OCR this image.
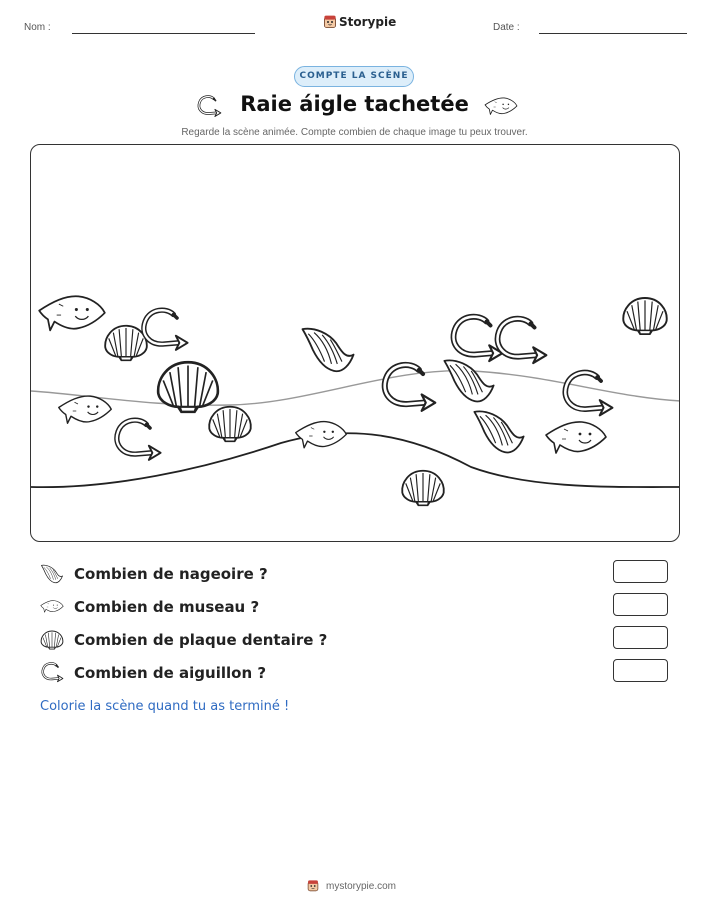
Nom :	Storypie	Date :
COMPTE LA SCÈNE
Raie áigle tachetée
Regarde la scène animée. Compte combien de chaque image tu peux trouver.
Combien de nageoire ?
Combien de museau ?
Combien de plaque dentaire ?
Combien de aiguillon ?
Colorie la scène quand tu as terminé !
mystorypie.com
